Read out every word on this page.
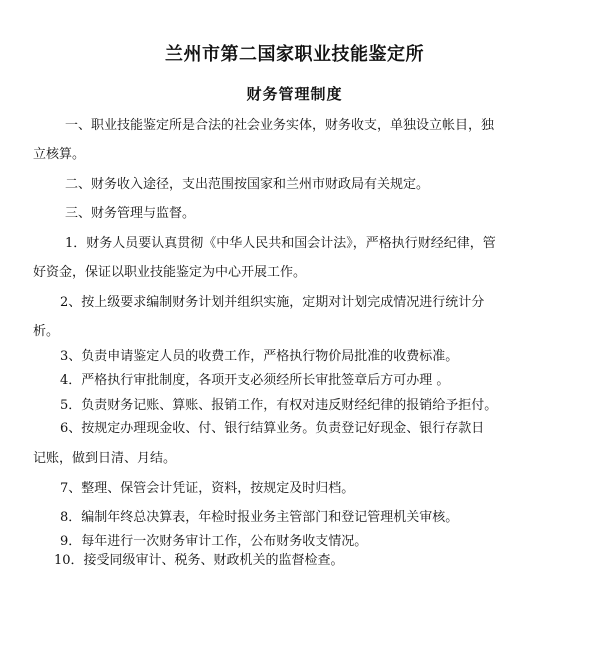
兰州市第二国家职业技能鉴定所
财务管理制度
一、职业技能鉴定所是合法的社会业务实体，财务收支，单独设立帐目，独
立核算。
二、财务收入途径，支出范围按国家和兰州市财政局有关规定。
三、财务管理与监督。
1．财务人员要认真贯彻《中华人民共和国会计法》，严格执行财经纪律，管
好资金，保证以职业技能鉴定为中心开展工作。
2、按上级要求编制财务计划并组织实施，定期对计划完成情况进行统计分
析。
3、负责申请鉴定人员的收费工作，严格执行物价局批准的收费标准。
4．严格执行审批制度，各项开支必须经所长审批签章后方可办理 。
5．负责财务记账、算账、报销工作，有权对违反财经纪律的报销给予拒付。
6、按规定办理现金收、付、银行结算业务。负责登记好现金、银行存款日
记账，做到日清、月结。
7、整理、保管会计凭证，资料，按规定及时归档。
8．编制年终总决算表，年检时报业务主管部门和登记管理机关审核。
9．每年进行一次财务审计工作，公布财务收支情况。
10．接受同级审计、税务、财政机关的监督检查。
